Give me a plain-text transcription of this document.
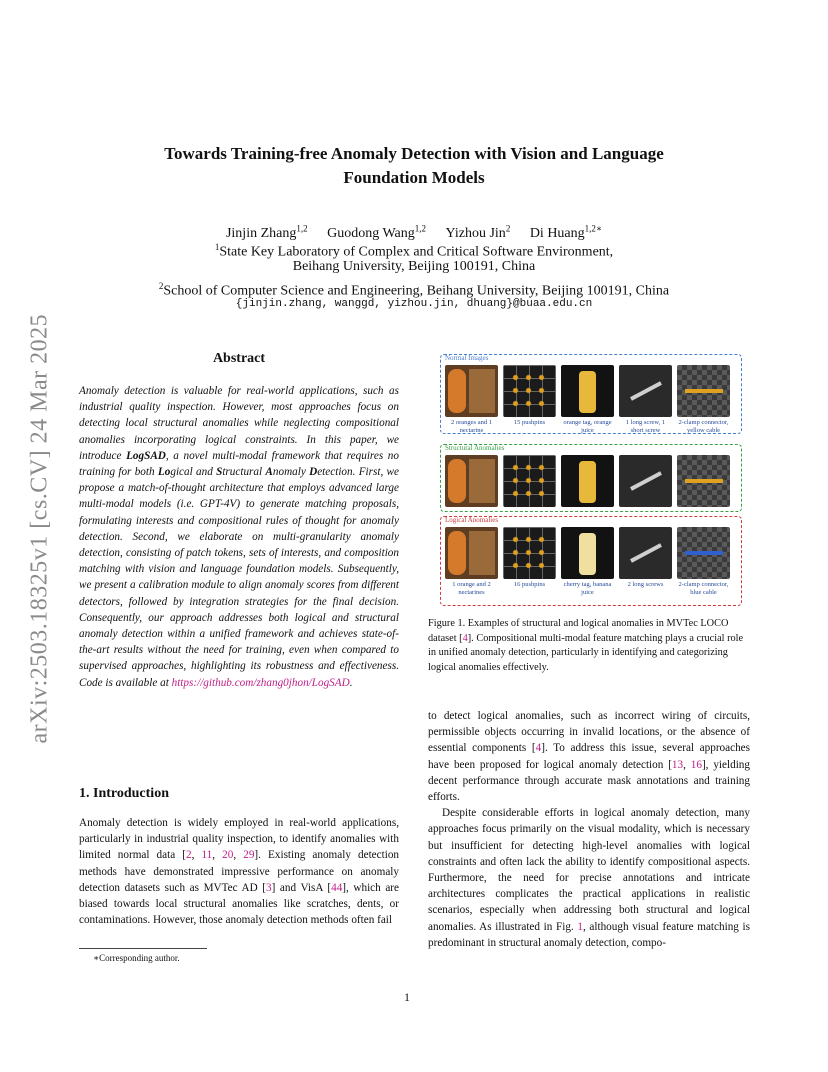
arXiv:2503.18325v1 [cs.CV] 24 Mar 2025
Towards Training-free Anomaly Detection with Vision and Language
Foundation Models
Jinjin Zhang$^{1,2}$ Guodong Wang$^{1,2}$ Yizhou Jin$^2$ Di Huang$^{1,2∗}$
$^1$State Key Laboratory of Complex and Critical Software Environment,
Beihang University, Beijing 100191, China
$^2$School of Computer Science and Engineering, Beihang University, Beijing 100191, China
{jinjin.zhang, wanggd, yizhou.jin, dhuang}@buaa.edu.cn
Abstract
Anomaly detection is valuable for real-world applications, such as industrial quality inspection. However, most approaches focus on detecting local structural anomalies while neglecting compositional anomalies incorporating logical constraints. In this paper, we introduce LogSAD, a novel multi-modal framework that requires no training for both Logical and Structural Anomaly Detection. First, we propose a match-of-thought architecture that employs advanced large multi-modal models (i.e. GPT-4V) to generate matching proposals, formulating interests and compositional rules of thought for anomaly detection. Second, we elaborate on multi-granularity anomaly detection, consisting of patch tokens, sets of interests, and composition matching with vision and language foundation models. Subsequently, we present a calibration module to align anomaly scores from different detectors, followed by integration strategies for the final decision. Consequently, our approach addresses both logical and structural anomaly detection within a unified framework and achieves state-of-the-art results without the need for training, even when compared to supervised approaches, highlighting its robustness and effectiveness. Code is available at https://github.com/zhang0jhon/LogSAD.
1. Introduction
Anomaly detection is widely employed in real-world applications, particularly in industrial quality inspection, to identify anomalies with limited normal data [2, 11, 20, 29]. Existing anomaly detection methods have demonstrated impressive performance on anomaly detection datasets such as MVTec AD [3] and VisA [44], which are biased towards local structural anomalies like scratches, dents, or contaminations. However, those anomaly detection methods often fail
∗Corresponding author.
Normal Images
2 oranges and 1 nectarine
15 pushpins	orange tag, orange juice
1 long screw, 1 short screw
2-clamp connector, yellow cable
Structural Anomalies
Logical Anomalies
1 orange and 2 nectarines
16 pushpins	cherry tag, banana juice
2 long screws	2-clamp connector, blue cable
Figure 1. Examples of structural and logical anomalies in MVTec LOCO dataset [4]. Compositional multi-modal feature matching plays a crucial role in unified anomaly detection, particularly in identifying and categorizing logical anomalies effectively.
to detect logical anomalies, such as incorrect wiring of circuits, permissible objects occurring in invalid locations, or the absence of essential components [4]. To address this issue, several approaches have been proposed for logical anomaly detection [13, 16], yielding decent performance through accurate mask annotations and training efforts.
Despite considerable efforts in logical anomaly detection, many approaches focus primarily on the visual modality, which is necessary but insufficient for detecting high-level anomalies with logical constraints and often lack the ability to identify compositional aspects. Furthermore, the need for precise annotations and intricate architectures complicates the practical applications in realistic scenarios, especially when addressing both structural and logical anomalies. As illustrated in Fig. 1, although visual feature matching is predominant in structural anomaly detection, compo-
1
